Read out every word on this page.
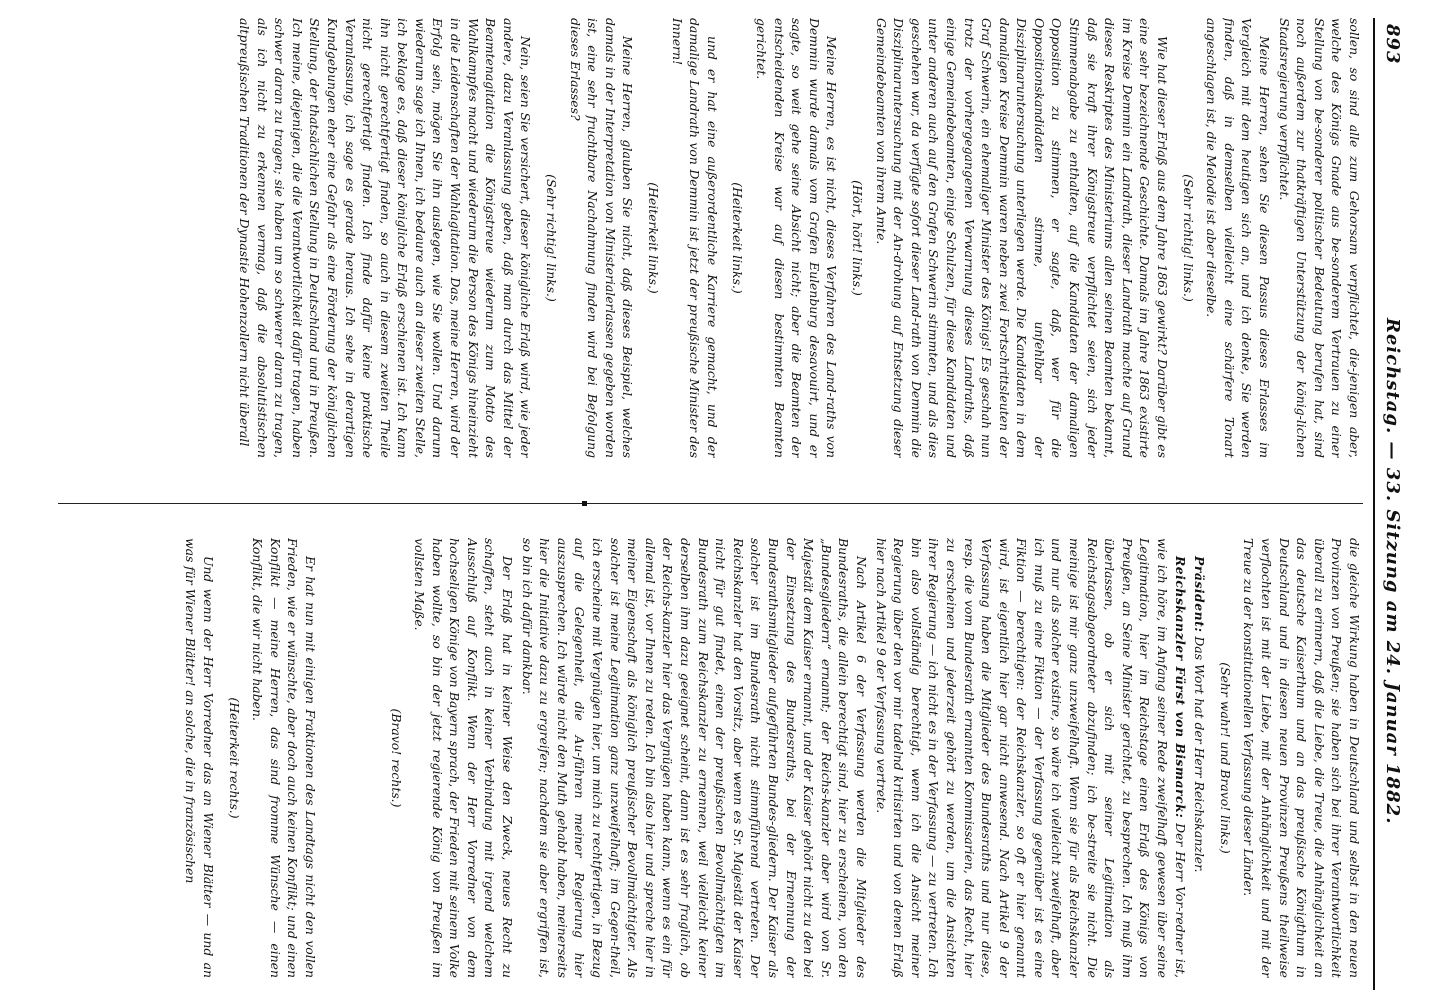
893
Reichstag. — 33. Sitzung am 24. Januar 1882.

die gleiche Wirkung haben in Deutschland und selbst in den neuen Provinzen von Preußen; sie haben sich bei ihrer Verantwortlichkeit überall zu erinnern, daß die Liebe, die Treue, die Anhänglichkeit an das deutsche Kaiserthum und an das preußische Königthum in Deutschland und in diesen neuen Provinzen Preußens theilweise verflochten ist mit der Liebe, mit der Anhänglichkeit und mit der Treue zu der konstitutionellen Verfassung dieser Länder.

(Sehr wahr! und Bravo! links.)

Präsident: Das Wort hat der Herr Reichskanzler.

Reichskanzler Fürst von Bismarck: Der Herr Vor-redner ist, wie ich höre, im Anfang seiner Rede zweifelhaft gewesen über seine Legitimation, hier im Reichstage einen Erlaß des Königs von Preußen, an Seine Minister gerichtet, zu besprechen. Ich muß ihm überlassen, ob er sich mit seiner Legitimation als Reichstagsabgeordneter abzufinden; ich be-streite sie nicht. Die meinige ist mir ganz unzweifelhaft. Wenn sie für als Reichskanzler und nur als solcher existire, so wäre ich vielleicht zweifelhaft, aber ich muß zu eine Fiktion — der Verfassung gegenüber ist es eine Fiktion — berechtigen: der Reichskanzler, so oft er hier genannt wird, ist eigentlich hier gar nicht anwesend. Nach Artikel 9 der Verfassung haben die Mitglieder des Bundesraths und nur diese, resp. die vom Bundesrath ernannten Kommissarien, das Recht, hier zu erscheinen und jederzeit gehört zu werden, um die Ansichten ihrer Regierung — ich nicht es in der Verfassung — zu vertreten. Ich bin also vollständig berechtigt, wenn ich die Ansicht meiner Regierung über den vor mir tadelnd kritisirten und von denen Erlaß hier nach Artikel 9 der Verfassung vertrete.

Nach Artikel 6 der Verfassung werden die Mitglieder des Bundesraths, die allein berechtigt sind, hier zu erscheinen, von den „Bundesgliedern“ ernannt; der Reichs-kanzler aber wird von Sr. Majestät dem Kaiser ernannt, und der Kaiser gehört nicht zu den bei der Einsetzung des Bundesraths, bei der Ernennung der Bundesrathsmitglieder aufgeführten Bundes-gliedern. Der Kaiser als solcher ist im Bundesrath nicht stimmführend vertreten. Der Reichskanzler hat den Vorsitz, aber wenn es Sr. Majestät der Kaiser nicht für gut findet, einen der preußischen Bevollmächtigten im Bundesrath zum Reichskanzler zu ernennen, weil vielleicht keiner derselben ihm dazu geeignet scheint, dann ist es sehr fraglich, ob der Reichs-kanzler hier das Vergnügen haben kann, wenn es ein für allemal ist, vor Ihnen zu reden. Ich bin also hier und spreche hier in meiner Eigenschaft als königlich preußischer Bevollmächtigter. Als solcher ist meine Legitimation ganz unzweifelhaft; im Gegen-theil, ich erscheine mit Vergnügen hier, um mich zu rechtfertigen, in Bezug auf die Gelegenheit, die Au-führen meiner Regierung hier auszusprechen. Ich würde nicht den Muth gehabt haben, meinerseits hier die Initiative dazu zu ergreifen; nachdem sie aber ergriffen ist, so bin ich dafür dankbar.

Der Erlaß hat in keiner Weise den Zweck, neues Recht zu schaffen, steht auch in keiner Verbindung mit irgend welchem Ausschluß auf Konflikt. Wenn der Herr Vorredner von dem hochseligen Könige von Bayern sprach, der Frieden mit seinem Volke haben wollte, so bin der jetzt regierende König von Preußen im vollsten Maße.

(Bravo! rechts.)

Er hat nun mit einigen Fraktionen des Landtags nicht den vollen Frieden, wie er wünschte, aber doch auch keinen Konflikt; und einen Konflikt — meine Herren, das sind fromme Wünsche — einen Konflikt, die wir nicht haben.

(Heiterkeit rechts.)

Und wenn der Herr Vorredner das an Wiener Blätter — und an was für Wiener Blätter! an solche, die in französischen

sollen, so sind alle zum Gehorsam verpflichtet, die-jenigen aber, welche des Königs Gnade aus be-sonderem Vertrauen zu einer Stellung von be-sonderer politischer Bedeutung berufen hat, sind noch außerdem zur thatkräftigen Unterstützung der könig-lichen Staatsregierung verpflichtet.

Meine Herren, sehen Sie diesen Passus dieses Erlasses im Vergleich mit dem heutigen sich an, und ich denke, Sie werden finden, daß in demselben vielleicht eine schärfere Tonart angeschlagen ist, die Melodie ist aber dieselbe.

(Sehr richtig! links.)

Wie hat dieser Erlaß aus dem Jahre 1863 gewirkt? Darüber gibt es eine sehr bezeichnende Geschichte. Damals im Jahre 1863 existirte im Kreise Demmin ein Landrath, dieser Landrath machte auf Grund dieses Reskriptes des Ministeriums allen seinen Beamten bekannt, daß sie kraft ihrer Königstreue verpflichtet seien, sich jeder Stimmenabgabe zu enthalten, auf die Kandidaten der damaligen Opposition zu stimmen, er sagte, daß, wer für die Oppositionskandidaten stimme, unfehlbar der Disziplinaruntersuchung unterliegen werde. Die Kandidaten in dem damaligen Kreise Demmin waren neben zwei Fortschrittsleuten der Graf Schwerin, ein ehemaliger Minister des Königs! Es geschah nun trotz der vorhergegangenen Verwarnung dieses Landraths, daß einige Gemeindebeamten, einige Schulzen, für diese Kandidaten und unter anderen auch auf den Grafen Schwerin stimmten, und als dies geschehen war, da verfügte sofort dieser Land-rath von Demmin die Disziplinaruntersuchung mit der An-drohung auf Entsetzung dieser Gemeindebeamten von ihrem Amte.

(Hört, hört! links.)

Meine Herren, es ist nicht, dieses Verfahren des Land-raths von Demmin wurde damals vom Grafen Eulenburg desavouirt, und er sagte, so weit gehe seine Absicht nicht; aber die Beamten der entscheidenden Kreise war auf diesen bestimmten Beamten gerichtet.

(Heiterkeit links.)

und er hat eine außerordentliche Karriere gemacht, und der damalige Landrath von Demmin ist jetzt der preußische Minister des Innern!

(Heiterkeit links.)

Meine Herren, glauben Sie nicht, daß dieses Beispiel, welches damals in der Interpretation von Ministerialerlassen gegeben worden ist, eine sehr fruchtbare Nachahmung finden wird bei Befolgung dieses Erlasses?

(Sehr richtig! links.)

Nein, seien Sie versichert, dieser königliche Erlaß wird, wie jeder andere, dazu Veranlassung geben, daß man durch das Mittel der Beamtenagitation die Königstreue wiederum zum Motto des Wahlkampfes macht und wiederum die Person des Königs hineinzieht in die Leidenschaften der Wahlagitation. Das, meine Herren, wird der Erfolg sein, mögen Sie ihn auslegen, wie Sie wollen. Und darum wiederum sage ich Ihnen, ich bedaure auch an dieser zweiten Stelle, ich beklage es, daß dieser königliche Erlaß erschienen ist. Ich kann ihn nicht gerechtfertigt finden, so auch in diesem zweiten Theile nicht gerechtfertigt finden. Ich finde dafür keine praktische Veranlassung, ich sage es gerade heraus. Ich sehe in derartigen Kundgebungen eher eine Gefahr als eine Förderung der königlichen Stellung, der thatsächlichen Stellung in Deutschland und in Preußen. Ich meine, diejenigen, die die Verantwortlichkeit dafür tragen, haben schwer daran zu tragen; sie haben um so schwerer daran zu tragen, als ich nicht zu erkennen vermag, daß die absolutistischen altpreußischen Traditionen der Dynastie Hohenzollern nicht überall
